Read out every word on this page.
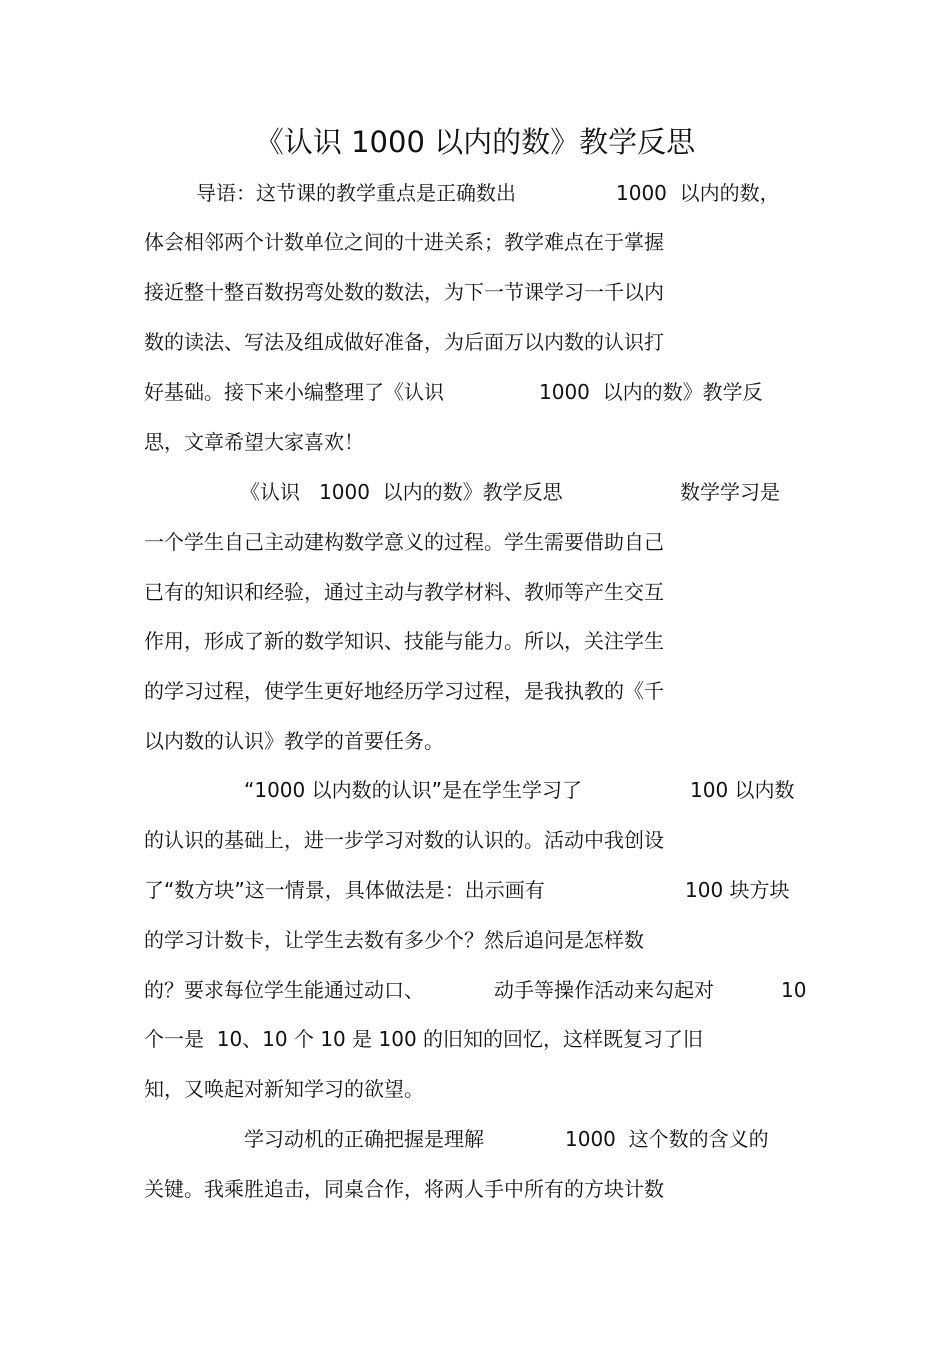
《认识 1000 以内的数》教学反思
导语：这节课的教学重点是正确数出	1000  以内的数，
体会相邻两个计数单位之间的十进关系；教学难点在于掌握
接近整十整百数拐弯处数的数法，为下一节课学习一千以内
数的读法、写法及组成做好准备，为后面万以内数的认识打
好基础。接下来小编整理了《认识	1000  以内的数》教学反
思，文章希望大家喜欢！
《认识   1000  以内的数》教学反思	数学学习是
一个学生自己主动建构数学意义的过程。学生需要借助自己
已有的知识和经验，通过主动与教学材料、教师等产生交互
作用，形成了新的数学知识、技能与能力。所以，关注学生
的学习过程，使学生更好地经历学习过程，是我执教的《千
以内数的认识》教学的首要任务。
“1000 以内数的认识”是在学生学习了	100 以内数
的认识的基础上，进一步学习对数的认识的。活动中我创设
了“数方块”这一情景，具体做法是：出示画有	100 块方块
的学习计数卡，让学生去数有多少个？然后追问是怎样数
的？要求每位学生能通过动口、	动手等操作活动来勾起对	10
个一是  10、10 个 10 是 100 的旧知的回忆，这样既复习了旧
知，又唤起对新知学习的欲望。
学习动机的正确把握是理解	1000  这个数的含义的
关键。我乘胜追击，同桌合作，将两人手中所有的方块计数
